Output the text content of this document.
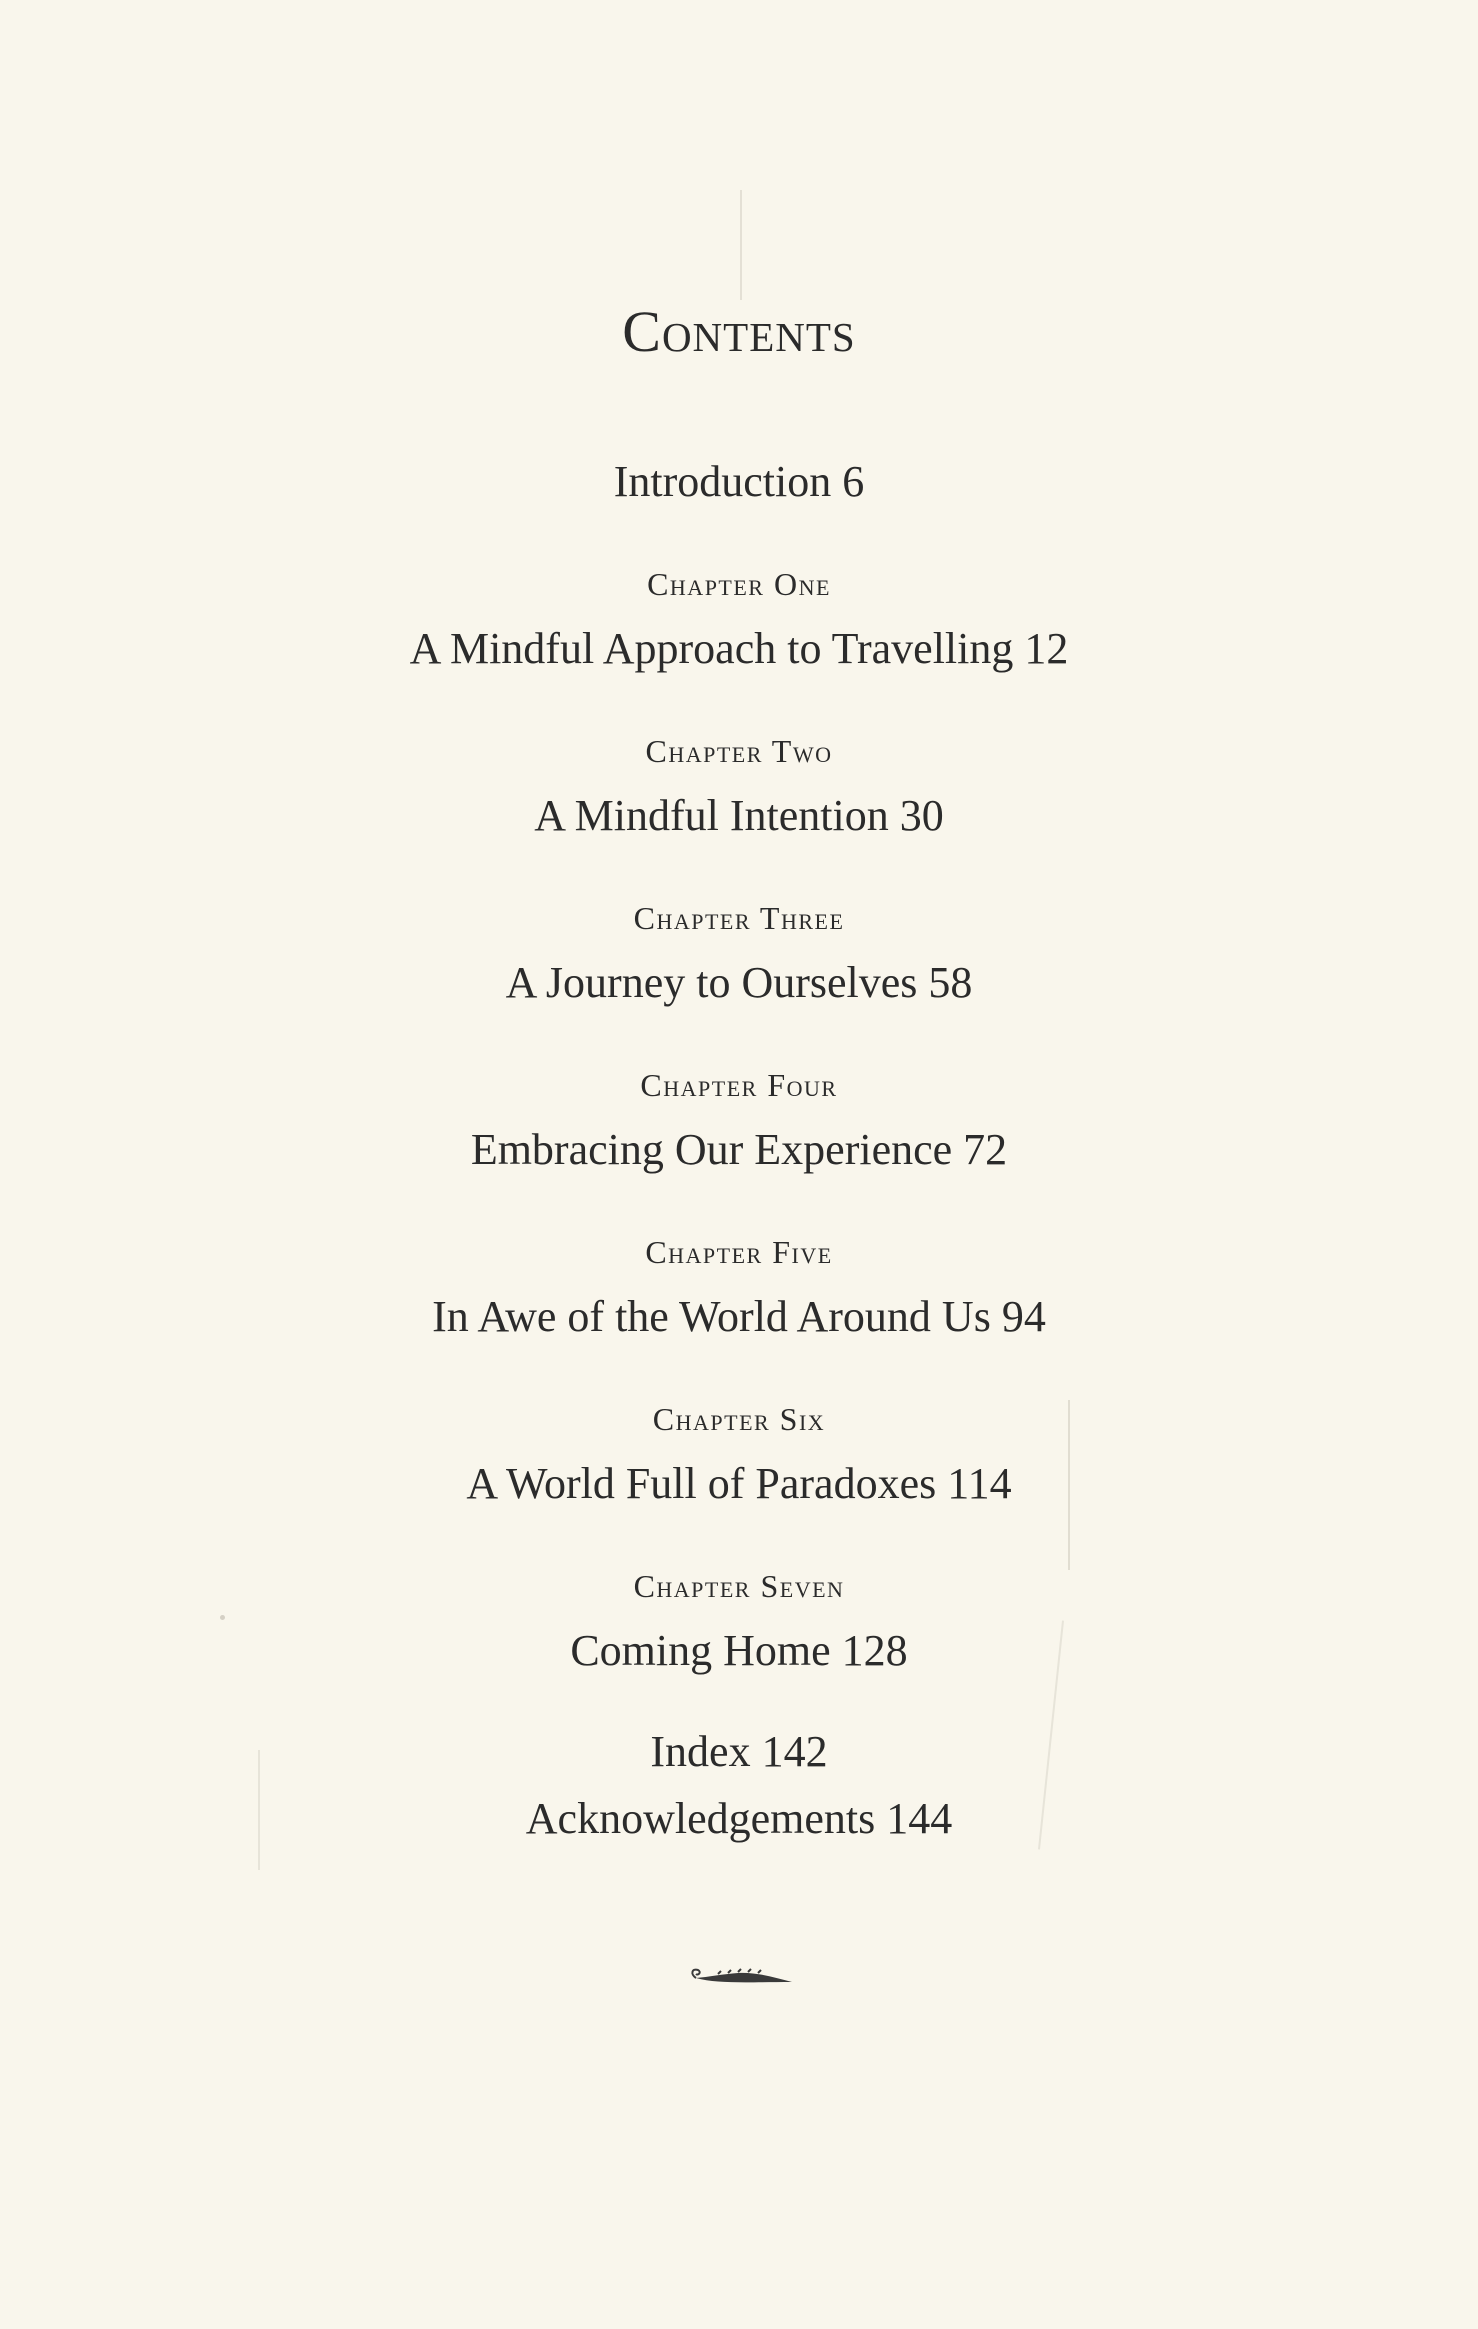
Contents
Introduction 6
Chapter One
A Mindful Approach to Travelling 12
Chapter Two
A Mindful Intention 30
Chapter Three
A Journey to Ourselves 58
Chapter Four
Embracing Our Experience 72
Chapter Five
In Awe of the World Around Us 94
Chapter Six
A World Full of Paradoxes 114
Chapter Seven
Coming Home 128
Index 142
Acknowledgements 144
